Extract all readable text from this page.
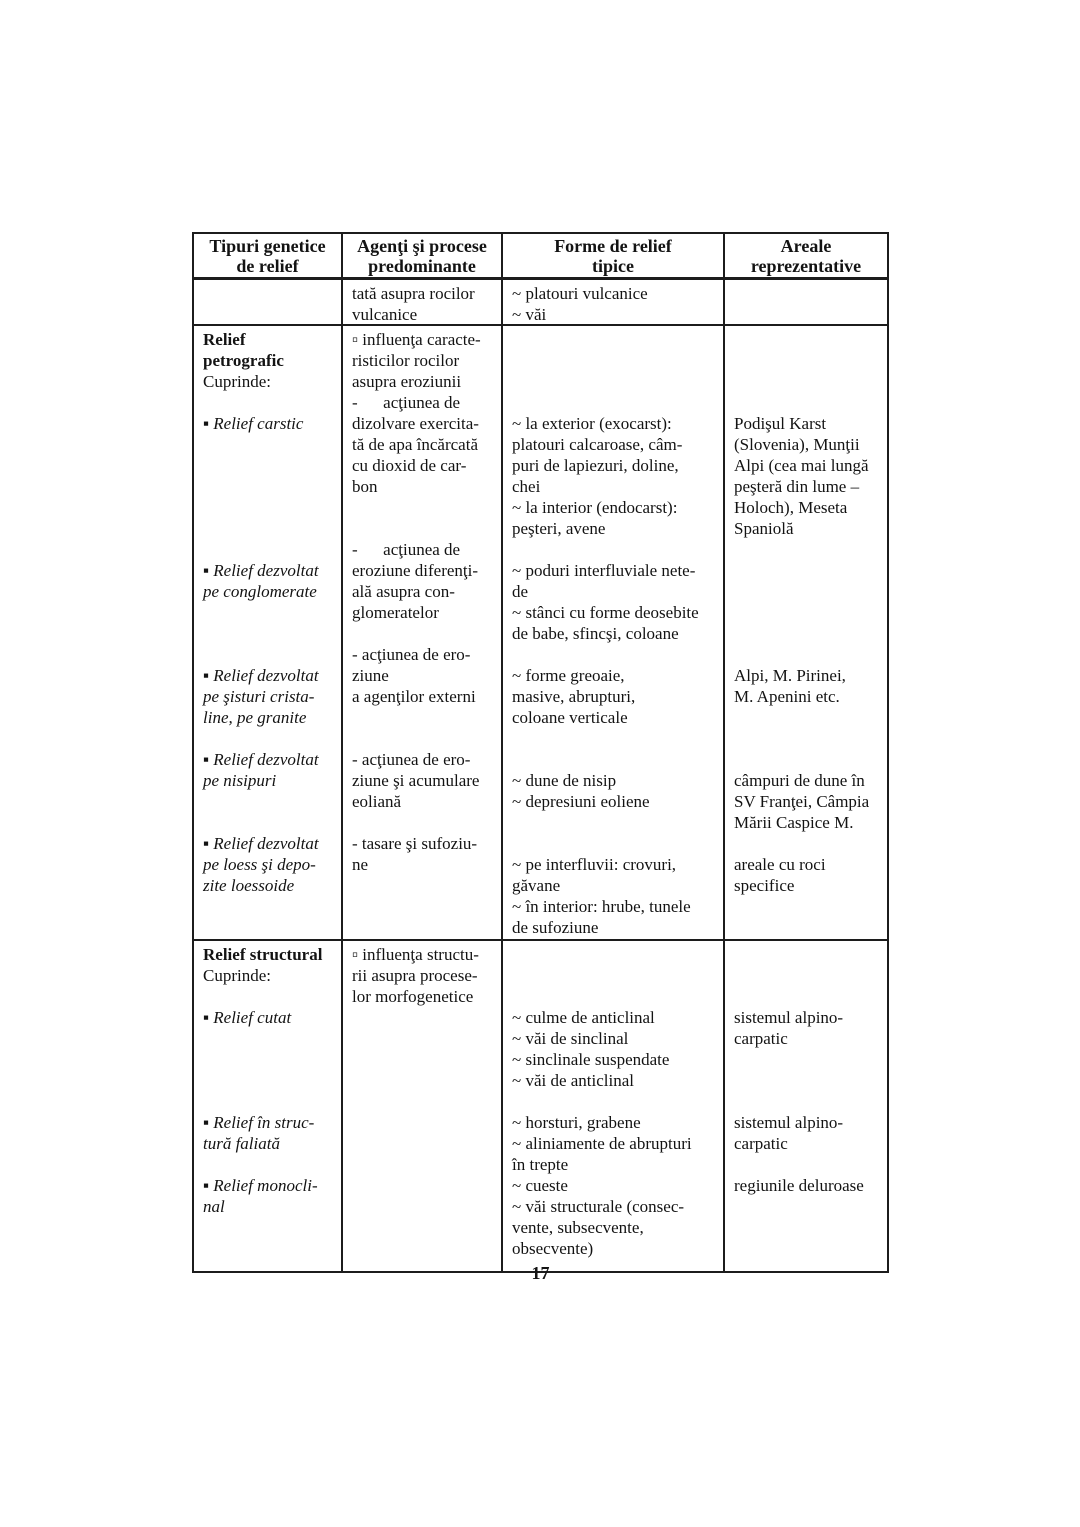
Tipuri genetice
de relief
Agenţi şi procese
predominante
Forme de relief
tipice
Areale
reprezentative
tată asupra rocilor
vulcanice
~ platouri vulcanice
~ văi
Relief
petrografic
Cuprinde:

▪ Relief carstic

▪ Relief dezvoltat
pe conglomerate

▪ Relief dezvoltat
pe şisturi crista-
line, pe granite

▪ Relief dezvoltat
pe nisipuri

▪ Relief dezvoltat
pe loess şi depo-
zite loessoide
▫ influenţa caracte-
risticilor rocilor
asupra eroziunii
-      acţiunea de
dizolvare exercita-
tă de apa încărcată
cu dioxid de car-
bon

-      acţiunea de
eroziune diferenţi-
ală asupra con-
glomeratelor

- acţiunea de ero-
ziune
a agenţilor externi

- acţiunea de ero-
ziune şi acumulare
eoliană

- tasare şi sufoziu-
ne

~ la exterior (exocarst):
platouri calcaroase, câm-
puri de lapiezuri, doline,
chei
~ la interior (endocarst):
peşteri, avene

~ poduri interfluviale nete-
de
~ stânci cu forme deosebite
de babe, sfincşi, coloane

~ forme greoaie,
masive, abrupturi,
coloane verticale

~ dune de nisip
~ depresiuni eoliene

~ pe interfluvii: crovuri,
găvane
~ în interior: hrube, tunele
de sufoziune

Podişul Karst
(Slovenia), Munţii
Alpi (cea mai lungă
peşteră din lume –
Holoch), Meseta
Spaniolă

Alpi, M. Pirinei,
M. Apenini etc.

câmpuri de dune în
SV Franţei, Câmpia
Mării Caspice M.

areale cu roci
specifice
Relief structural
Cuprinde:

▪ Relief cutat

▪ Relief în struc-
tură faliată

▪ Relief monocli-
nal
▫ influenţa structu-
rii asupra procese-
lor morfogenetice

~ culme de anticlinal
~ văi de sinclinal
~ sinclinale suspendate
~ văi de anticlinal

~ horsturi, grabene
~ aliniamente de abrupturi
în trepte
~ cueste
~ văi structurale (consec-
vente, subsecvente,
obsecvente)

sistemul alpino-
carpatic

sistemul alpino-
carpatic

regiunile deluroase
17
